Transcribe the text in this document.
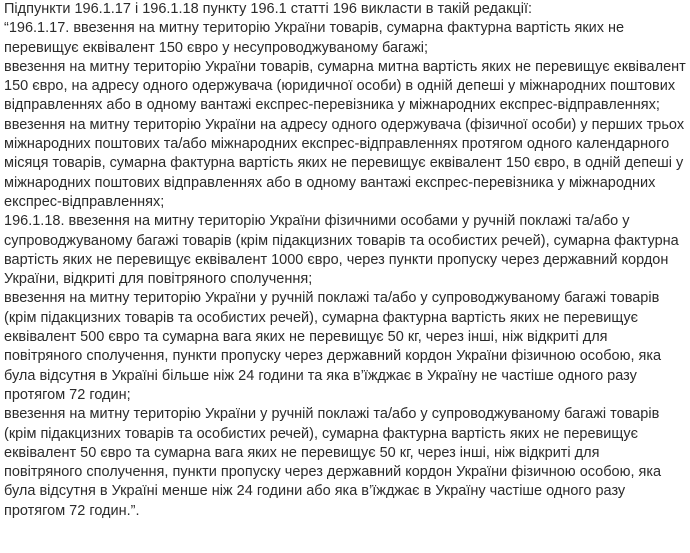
Підпункти 196.1.17 і 196.1.18 пункту 196.1 статті 196 викласти в такій редакції:
“196.1.17. ввезення на митну територію України товарів, сумарна фактурна вартість яких не
перевищує еквівалент 150 євро у несупроводжуваному багажі;
ввезення на митну територію України товарів, сумарна митна вартість яких не перевищує еквівалент
150 євро, на адресу одного одержувача (юридичної особи) в одній депеші у міжнародних поштових
відправленнях або в одному вантажі експрес-перевізника у міжнародних експрес-відправленнях;
ввезення на митну територію України на адресу одного одержувача (фізичної особи) у перших трьох
міжнародних поштових та/або міжнародних експрес-відправленнях протягом одного календарного
місяця товарів, сумарна фактурна вартість яких не перевищує еквівалент 150 євро, в одній депеші у
міжнародних поштових відправленнях або в одному вантажі експрес-перевізника у міжнародних
експрес-відправленнях;
196.1.18. ввезення на митну територію України фізичними особами у ручній поклажі та/або у
супроводжуваному багажі товарів (крім підакцизних товарів та особистих речей), сумарна фактурна
вартість яких не перевищує еквівалент 1000 євро, через пункти пропуску через державний кордон
України, відкриті для повітряного сполучення;
ввезення на митну територію України у ручній поклажі та/або у супроводжуваному багажі товарів
(крім підакцизних товарів та особистих речей), сумарна фактурна вартість яких не перевищує
еквівалент 500 євро та сумарна вага яких не перевищує 50 кг, через інші, ніж відкриті для
повітряного сполучення, пункти пропуску через державний кордон України фізичною особою, яка
була відсутня в Україні більше ніж 24 години та яка в’їжджає в Україну не частіше одного разу
протягом 72 годин;
ввезення на митну територію України у ручній поклажі та/або у супроводжуваному багажі товарів
(крім підакцизних товарів та особистих речей), сумарна фактурна вартість яких не перевищує
еквівалент 50 євро та сумарна вага яких не перевищує 50 кг, через інші, ніж відкриті для
повітряного сполучення, пункти пропуску через державний кордон України фізичною особою, яка
була відсутня в Україні менше ніж 24 години або яка в’їжджає в Україну частіше одного разу
протягом 72 годин.”.
